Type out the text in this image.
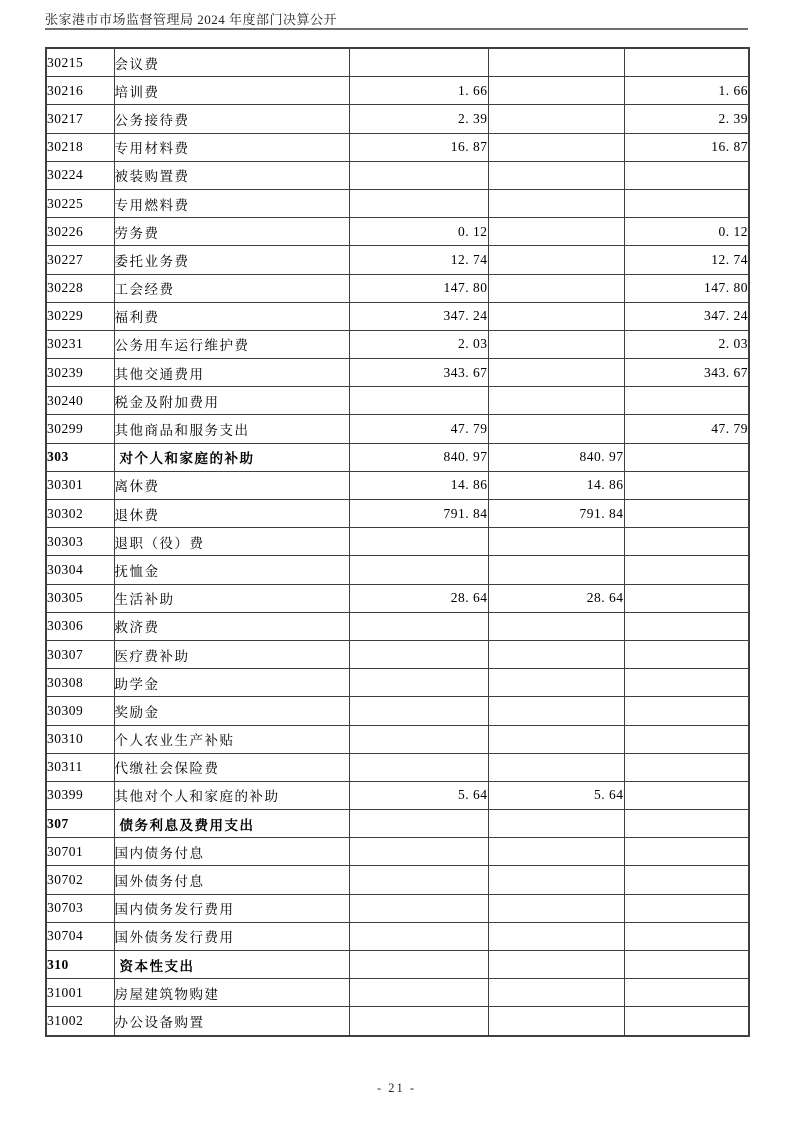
张家港市市场监督管理局 2024 年度部门决算公开
30215	会议费			
30216	培训费	1. 66		1. 66
30217	公务接待费	2. 39		2. 39
30218	专用材料费	16. 87		16. 87
30224	被装购置费			
30225	专用燃料费			
30226	劳务费	0. 12		0. 12
30227	委托业务费	12. 74		12. 74
30228	工会经费	147. 80		147. 80
30229	福利费	347. 24		347. 24
30231	公务用车运行维护费	2. 03		2. 03
30239	其他交通费用	343. 67		343. 67
30240	税金及附加费用			
30299	其他商品和服务支出	47. 79		47. 79
303	对个人和家庭的补助	840. 97	840. 97	
30301	离休费	14. 86	14. 86	
30302	退休费	791. 84	791. 84	
30303	退职（役）费			
30304	抚恤金			
30305	生活补助	28. 64	28. 64	
30306	救济费			
30307	医疗费补助			
30308	助学金			
30309	奖励金			
30310	个人农业生产补贴			
30311	代缴社会保险费			
30399	其他对个人和家庭的补助	5. 64	5. 64	
307	债务利息及费用支出			
30701	国内债务付息			
30702	国外债务付息			
30703	国内债务发行费用			
30704	国外债务发行费用			
310	资本性支出			
31001	房屋建筑物购建			
31002	办公设备购置			
- 21 -
